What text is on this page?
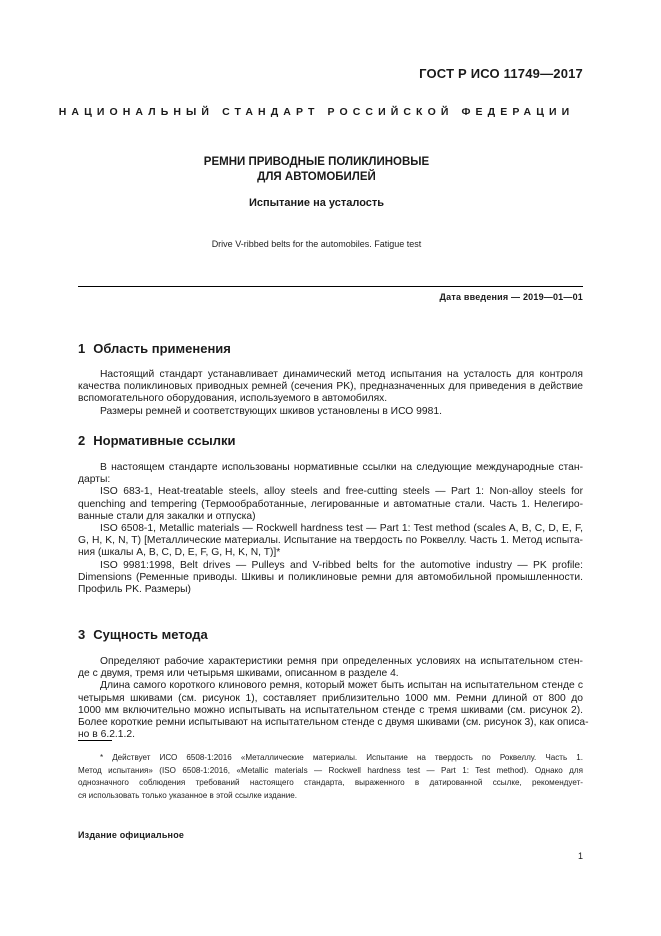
ГОСТ Р ИСО 11749—2017
НАЦИОНАЛЬНЫЙ СТАНДАРТ РОССИЙСКОЙ ФЕДЕРАЦИИ
РЕМНИ ПРИВОДНЫЕ ПОЛИКЛИНОВЫЕ
ДЛЯ АВТОМОБИЛЕЙ
Испытание на усталость
Drive V-ribbed belts for the automobiles. Fatigue test
Дата введения — 2019—01—01
1 Область применения
Настоящий стандарт устанавливает динамический метод испытания на усталость для контроля
качества поликлиновых приводных ремней (сечения PK), предназначенных для приведения в действие
вспомогательного оборудования, используемого в автомобилях.
Размеры ремней и соответствующих шкивов установлены в ИСО 9981.
2 Нормативные ссылки
В настоящем стандарте использованы нормативные ссылки на следующие международные стан-
дарты:
ISO 683-1, Heat-treatable steels, alloy steels and free-cutting steels — Part 1: Non-alloy steels for
quenching and tempering (Термообработанные, легированные и автоматные стали. Часть 1. Нелегиро-
ванные стали для закалки и отпуска)
ISO 6508-1, Metallic materials — Rockwell hardness test — Part 1: Test method (scales A, B, C, D, E, F,
G, H, K, N, T) [Металлические материалы. Испытание на твердость по Роквеллу. Часть 1. Метод испыта-
ния (шкалы A, B, C, D, E, F, G, H, K, N, T)]*
ISO 9981:1998, Belt drives — Pulleys and V-ribbed belts for the automotive industry — PK profile:
Dimensions (Ременные приводы. Шкивы и поликлиновые ремни для автомобильной промышленности.
Профиль PK. Размеры)
3 Сущность метода
Определяют рабочие характеристики ремня при определенных условиях на испытательном стен-
де с двумя, тремя или четырьмя шкивами, описанном в разделе 4.
Длина самого короткого клинового ремня, который может быть испытан на испытательном стенде с
четырьмя шкивами (см. рисунок 1), составляет приблизительно 1000 мм. Ремни длиной от 800 до
1000 мм включительно можно испытывать на испытательном стенде с тремя шкивами (см. рисунок 2).
Более короткие ремни испытывают на испытательном стенде с двумя шкивами (см. рисунок 3), как описа-
но в 6.2.1.2.
* Действует ИСО 6508-1:2016 «Металлические материалы. Испытание на твердость по Роквеллу. Часть 1.
Метод испытания» (ISO 6508-1:2016, «Metallic materials — Rockwell hardness test — Part 1: Test method). Однако для
однозначного соблюдения требований настоящего стандарта, выраженного в датированной ссылке, рекомендует-
ся использовать только указанное в этой ссылке издание.
Издание официальное
1
